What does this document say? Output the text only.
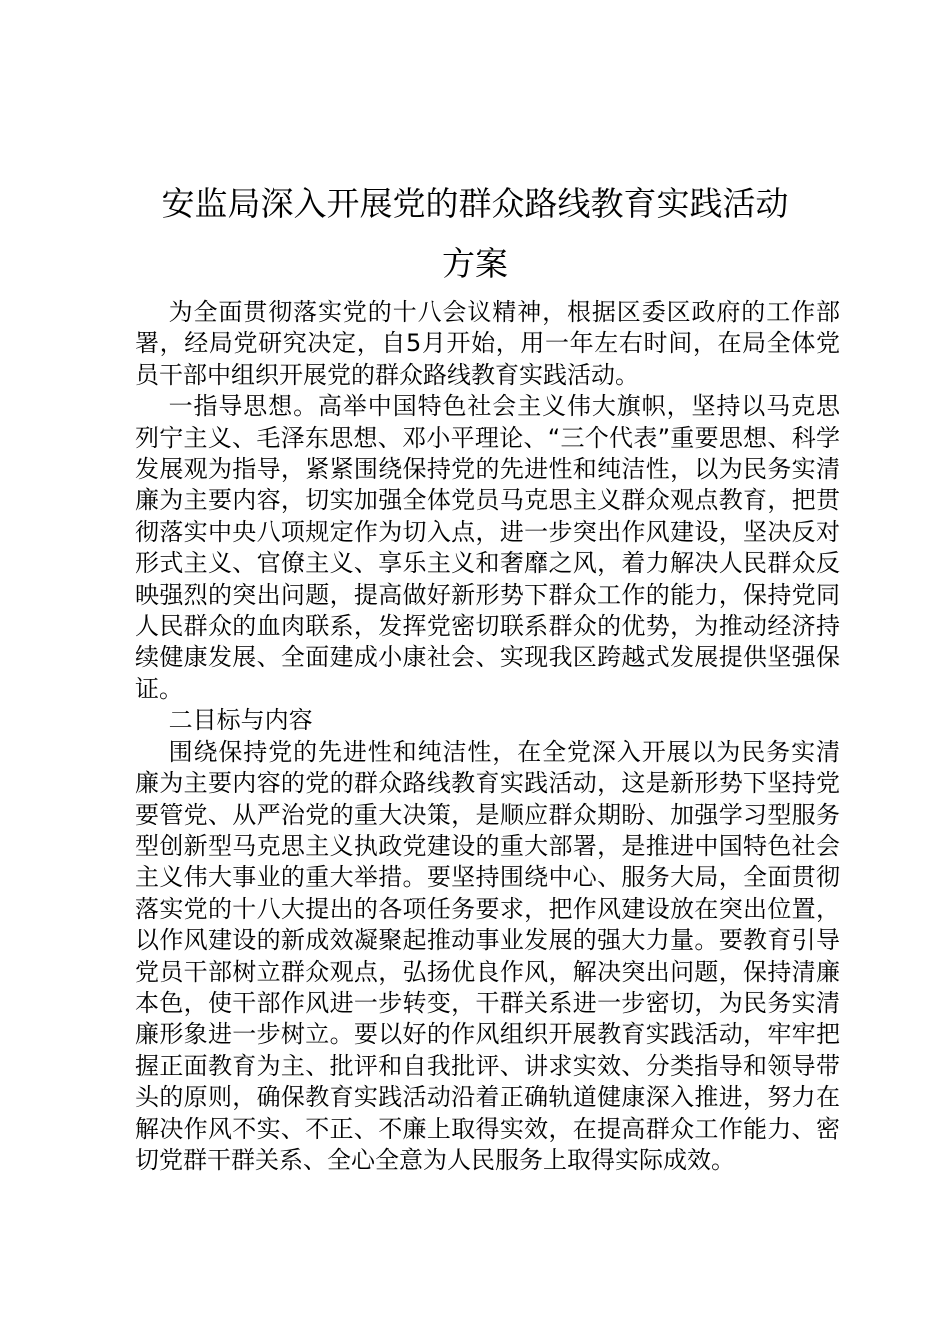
安监局深入开展党的群众路线教育实践活动
方案

为全面贯彻落实党的十八会议精神，根据区委区政府的工作部署，经局党研究决定，自5月开始，用一年左右时间，在局全体党员干部中组织开展党的群众路线教育实践活动。

一指导思想。高举中国特色社会主义伟大旗帜，坚持以马克思列宁主义、毛泽东思想、邓小平理论、“三个代表”重要思想、科学发展观为指导，紧紧围绕保持党的先进性和纯洁性，以为民务实清廉为主要内容，切实加强全体党员马克思主义群众观点教育，把贯彻落实中央八项规定作为切入点，进一步突出作风建设，坚决反对形式主义、官僚主义、享乐主义和奢靡之风，着力解决人民群众反映强烈的突出问题，提高做好新形势下群众工作的能力，保持党同人民群众的血肉联系，发挥党密切联系群众的优势，为推动经济持续健康发展、全面建成小康社会、实现我区跨越式发展提供坚强保证。

二目标与内容

围绕保持党的先进性和纯洁性，在全党深入开展以为民务实清廉为主要内容的党的群众路线教育实践活动，这是新形势下坚持党要管党、从严治党的重大决策，是顺应群众期盼、加强学习型服务型创新型马克思主义执政党建设的重大部署，是推进中国特色社会主义伟大事业的重大举措。要坚持围绕中心、服务大局，全面贯彻落实党的十八大提出的各项任务要求，把作风建设放在突出位置，以作风建设的新成效凝聚起推动事业发展的强大力量。要教育引导党员干部树立群众观点，弘扬优良作风，解决突出问题，保持清廉本色，使干部作风进一步转变，干群关系进一步密切，为民务实清廉形象进一步树立。要以好的作风组织开展教育实践活动，牢牢把握正面教育为主、批评和自我批评、讲求实效、分类指导和领导带头的原则，确保教育实践活动沿着正确轨道健康深入推进，努力在解决作风不实、不正、不廉上取得实效，在提高群众工作能力、密切党群干群关系、全心全意为人民服务上取得实际成效。
